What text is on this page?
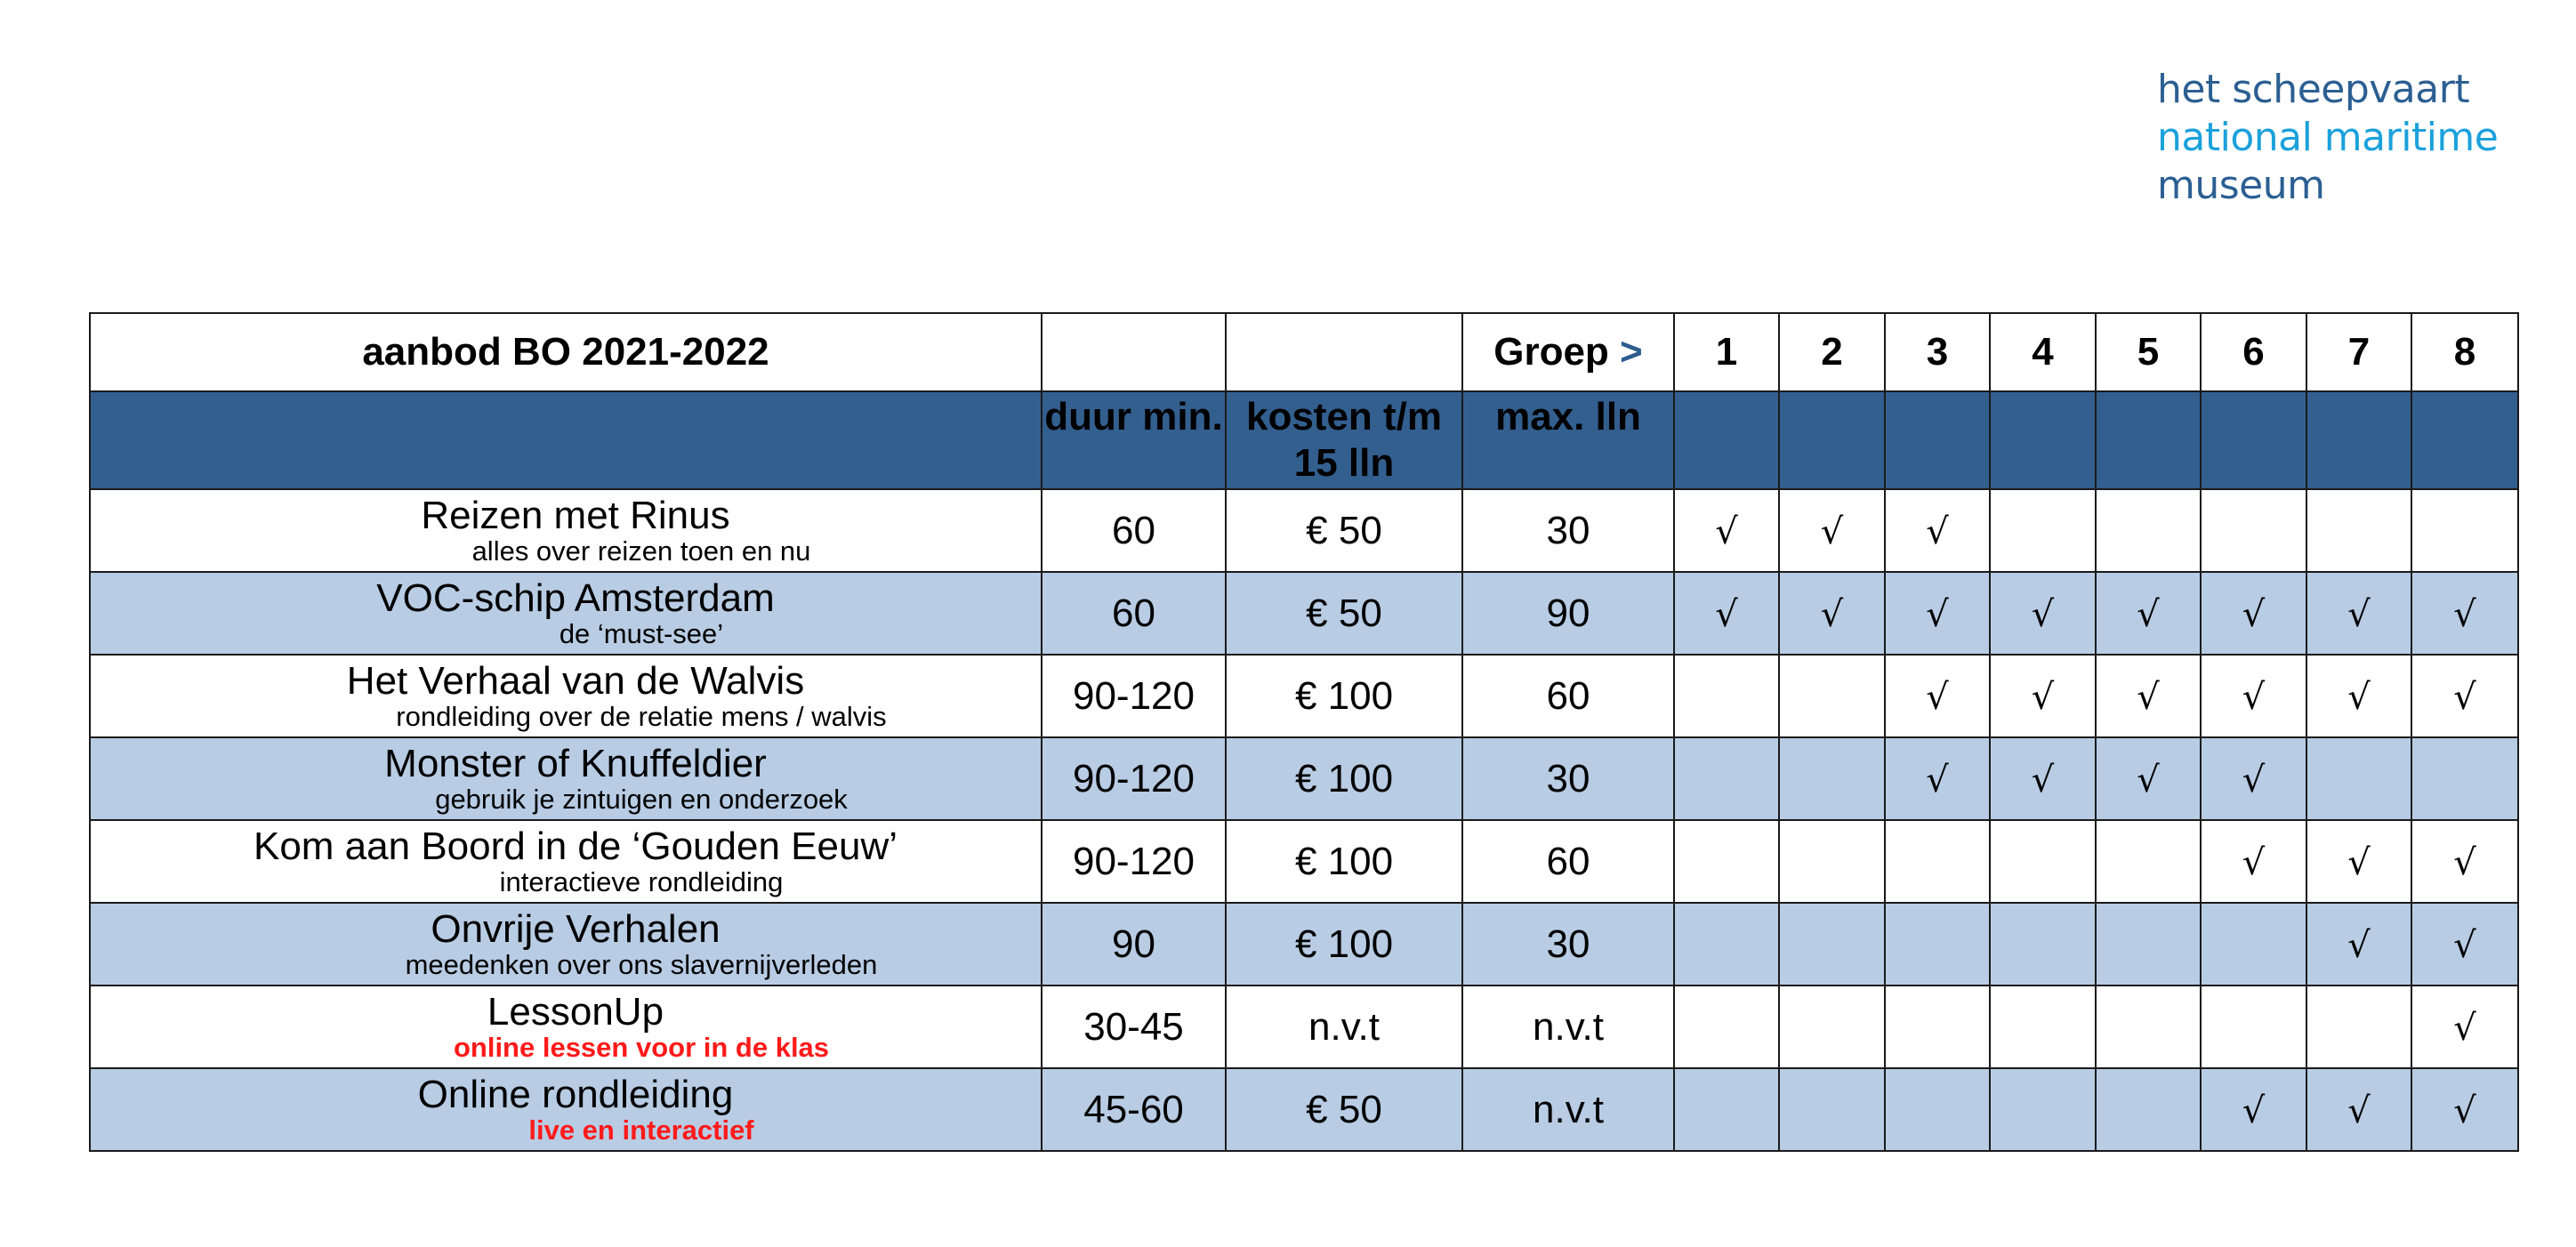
het scheepvaart
national maritime
museum
aanbod BO 2021-2022			Groep >	1	2	3	4	5	6	7	8
	duur min.	kosten t/m 15 lln	max. lln								

Reizen met Rinus
alles over reizen toen en nu	60	€ 50	30	√	√	√					

VOC-schip Amsterdam
de ‘must-see’	60	€ 50	90	√	√	√	√	√	√	√	√

Het Verhaal van de Walvis
rondleiding over de relatie mens / walvis	90-120	€ 100	60			√	√	√	√	√	√

Monster of Knuffeldier
gebruik je zintuigen en onderzoek	90-120	€ 100	30			√	√	√	√		

Kom aan Boord in de ‘Gouden Eeuw’
interactieve rondleiding	90-120	€ 100	60						√	√	√

Onvrije Verhalen
meedenken over ons slavernijverleden	90	€ 100	30							√	√

LessonUp
online lessen voor in de klas	30-45	n.v.t	n.v.t								√

Online rondleiding
live en interactief	45-60	€ 50	n.v.t						√	√	√
